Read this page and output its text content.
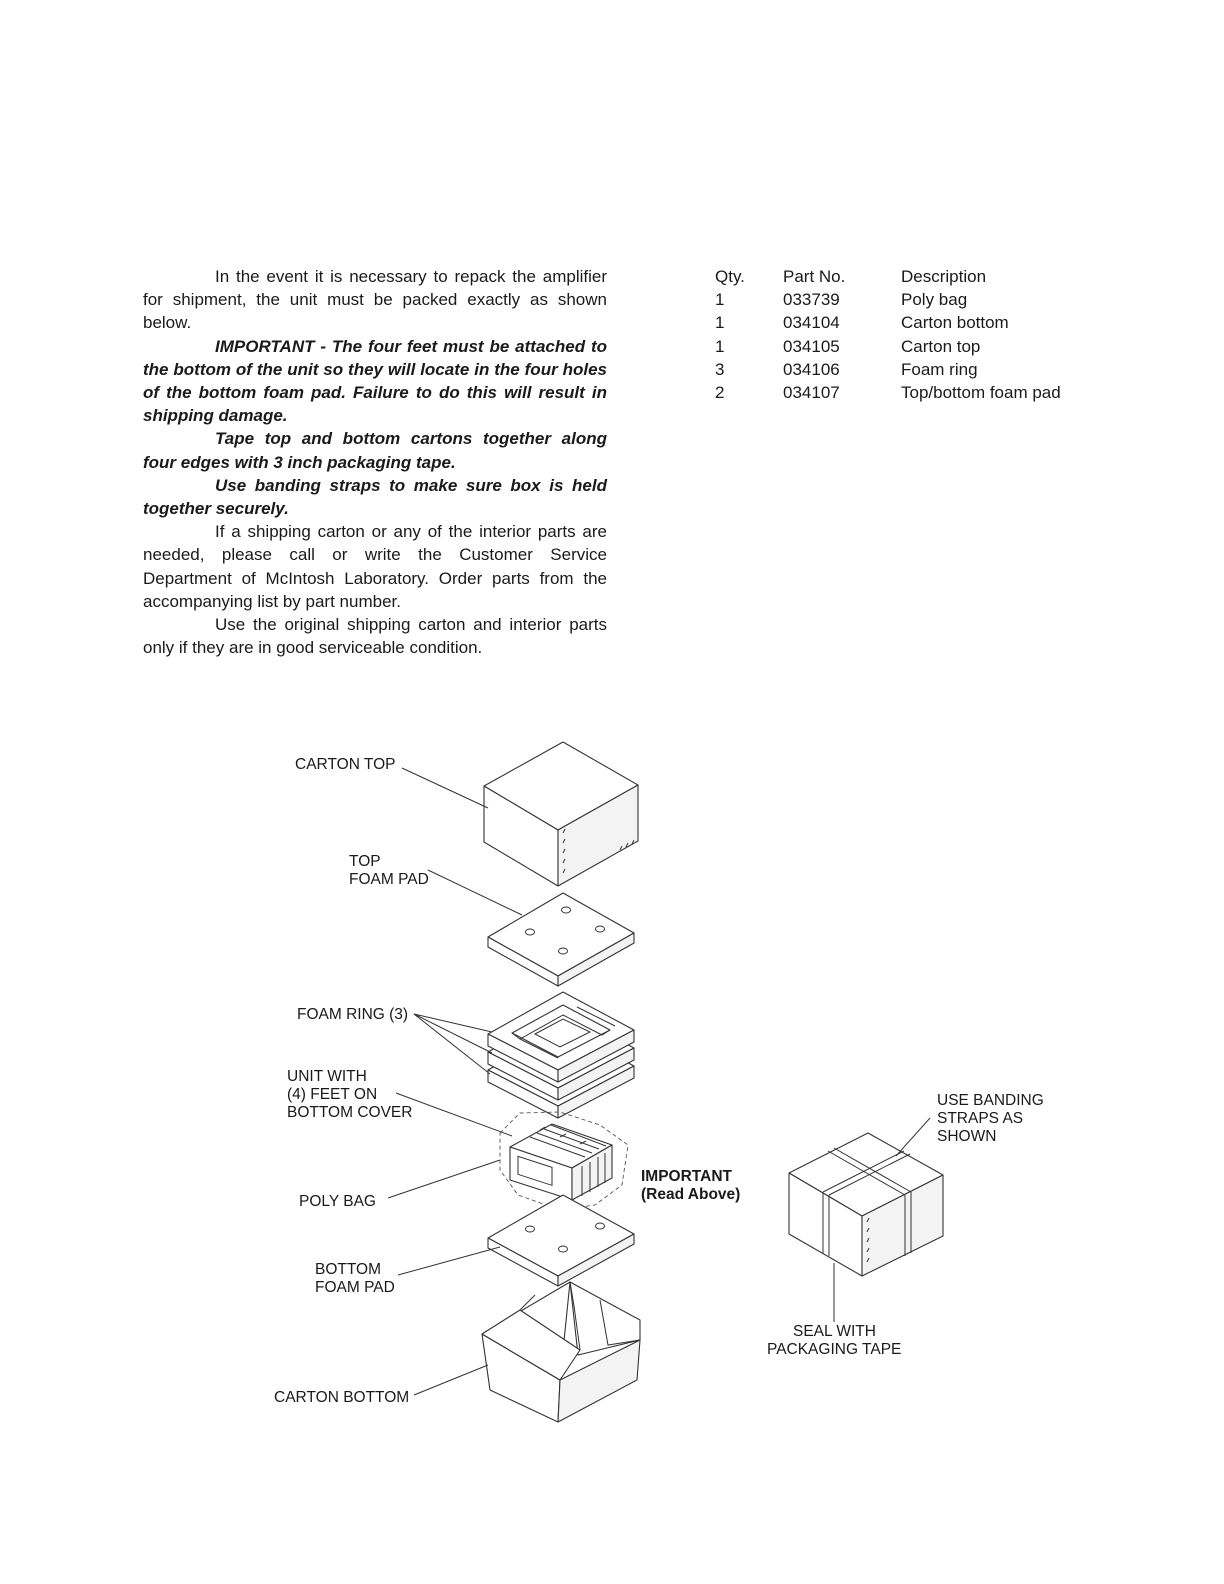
In the event it is necessary to repack the amplifier for shipment, the unit must be packed exactly as shown below.

IMPORTANT - The four feet must be attached to the bottom of the unit so they will locate in the four holes of the bottom foam pad. Failure to do this will result in shipping damage.

Tape top and bottom cartons together along four edges with 3 inch packaging tape.

Use banding straps to make sure box is held together securely.

If a shipping carton or any of the interior parts are needed, please call or write the Customer Service Department of McIntosh Laboratory. Order parts from the accompanying list by part number.

Use the original shipping carton and interior parts only if they are in good serviceable condition.

Qty.	Part No.	Description
1	033739	Poly bag
1	034104	Carton bottom
1	034105	Carton top
3	034106	Foam ring
2	034107	Top/bottom foam pad
CARTON TOP
TOP
FOAM PAD
FOAM RING (3)
UNIT WITH
(4) FEET ON
BOTTOM COVER
POLY BAG
BOTTOM
FOAM PAD
CARTON BOTTOM
IMPORTANT
(Read Above)
USE BANDING
STRAPS AS
SHOWN
SEAL WITH
PACKAGING TAPE
